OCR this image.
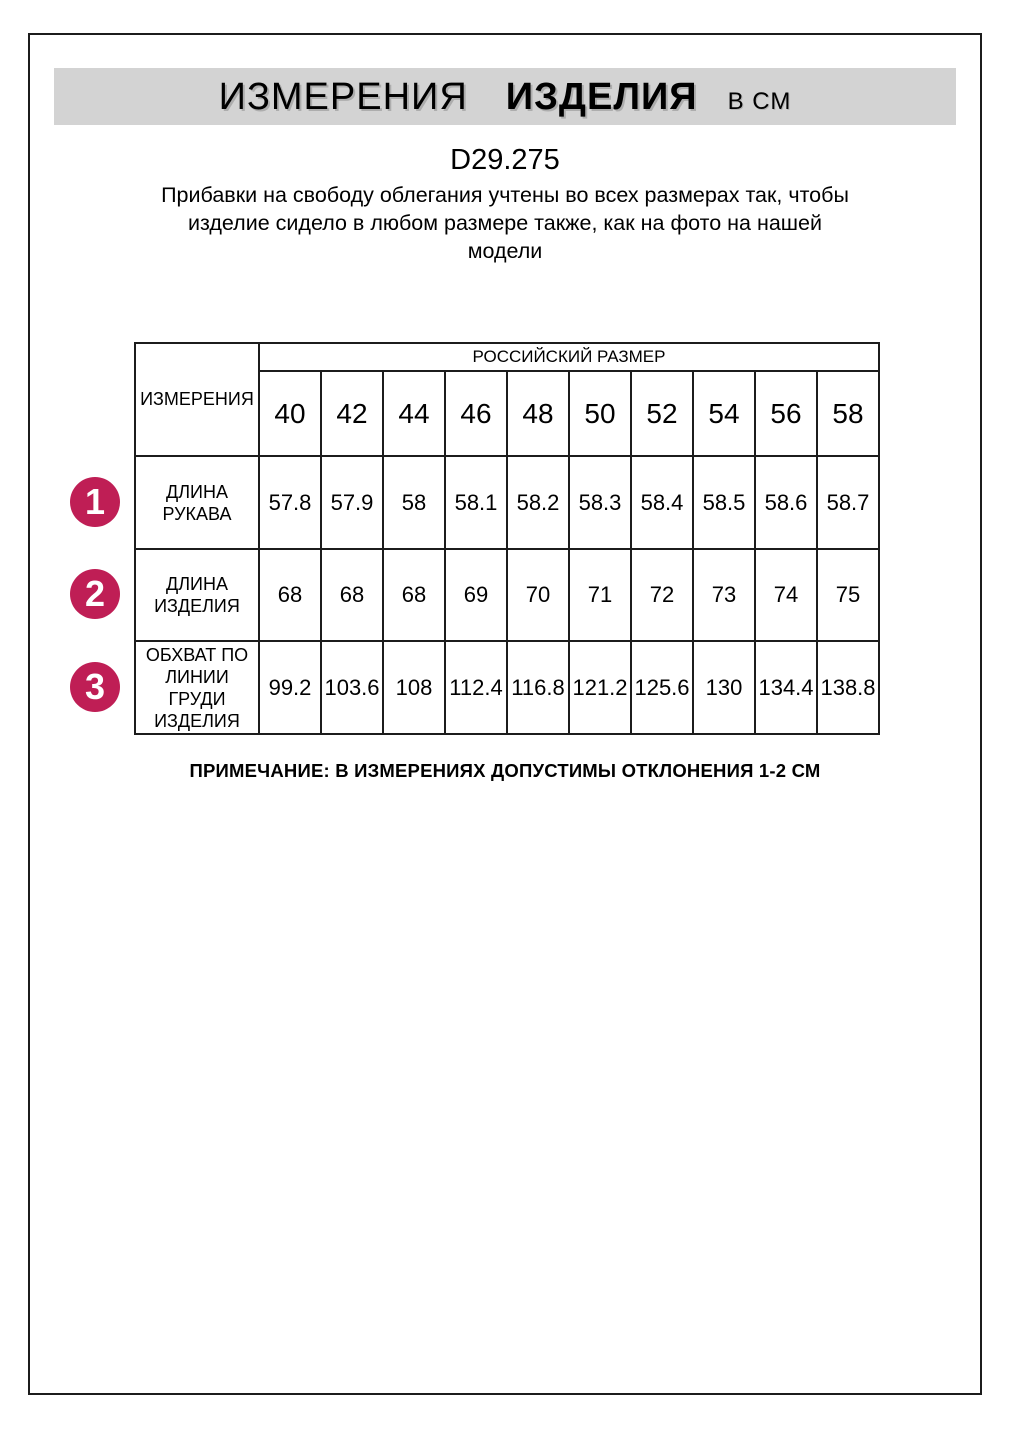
ИЗМЕРЕНИЯ ИЗДЕЛИЯ В СМ
D29.275
Прибавки на свободу облегания учтены во всех размерах так, чтобы
изделие сидело в любом размере также, как на фото на нашей
модели
ИЗМЕРЕНИЯ	РОССИЙСКИЙ РАЗМЕР									
	40	42	44	46	48	50	52	54	56	58

ДЛИНА
РУКАВА	57.8	57.9	58	58.1	58.2	58.3	58.4	58.5	58.6	58.7

ДЛИНА
ИЗДЕЛИЯ	68	68	68	69	70	71	72	73	74	75

ОБХВАТ ПО
ЛИНИИ
ГРУДИ
ИЗДЕЛИЯ	99.2	103.6	108	112.4	116.8	121.2	125.6	130	134.4	138.8
1
2
3
ПРИМЕЧАНИЕ: В ИЗМЕРЕНИЯХ ДОПУСТИМЫ ОТКЛОНЕНИЯ 1-2 СМ
